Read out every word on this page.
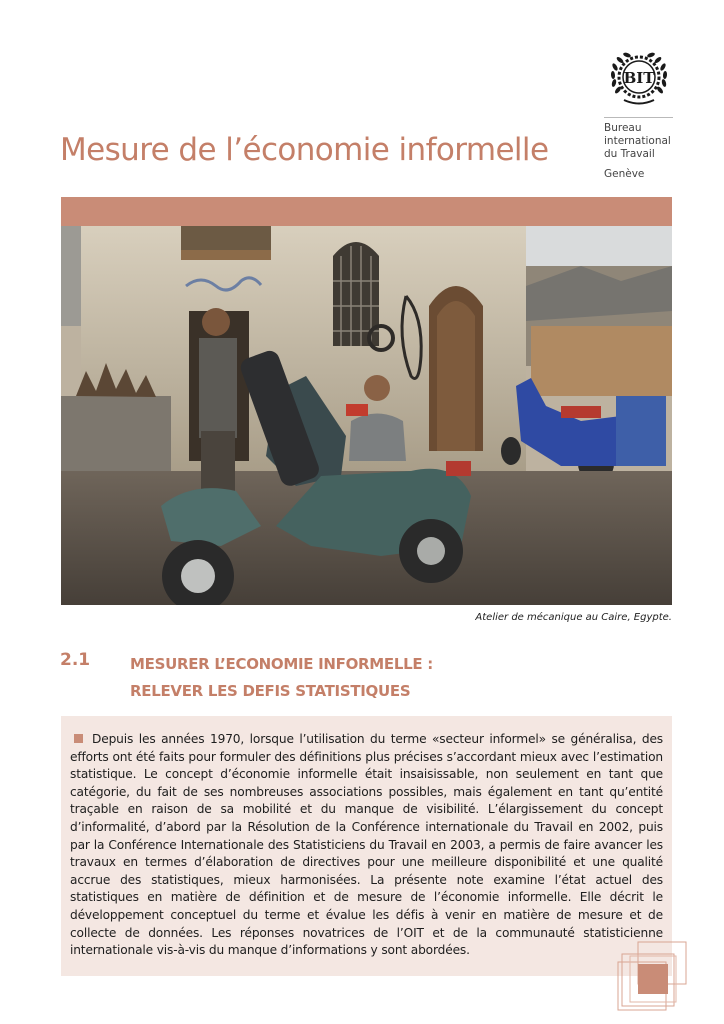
Mesure de l’économie informelle
BIT
Bureau
international
du Travail
Genève
Atelier de mécanique au Caire, Egypte.
2.1	MESURER L’ECONOMIE INFORMELLE :
RELEVER LES DEFIS STATISTIQUES
Depuis les années 1970, lorsque l’utilisation du terme «secteur informel» se généralisa, des efforts ont été faits pour formuler des définitions plus précises s’accordant mieux avec l’estimation statistique. Le concept d’économie informelle était insaisissable, non seulement en tant que catégorie, du fait de ses nombreuses associations possibles, mais également en tant qu’entité traçable en raison de sa mobilité et du manque de visibilité. L’élargissement du concept d’informalité, d’abord par la Résolution de la Conférence internationale du Travail en 2002, puis par la Conférence Internationale des Statisticiens du Travail en 2003, a permis de faire avancer les travaux en termes d’élaboration de directives pour une meilleure disponibilité et une qualité accrue des statistiques, mieux harmonisées. La présente note examine l’état actuel des statistiques en matière de définition et de mesure de l’économie informelle. Elle décrit le développement conceptuel du terme et évalue les défis à venir en matière de mesure et de collecte de données. Les réponses novatrices de l’OIT et de la communauté statisticienne internationale vis-à-vis du manque d’informations y sont abordées.
